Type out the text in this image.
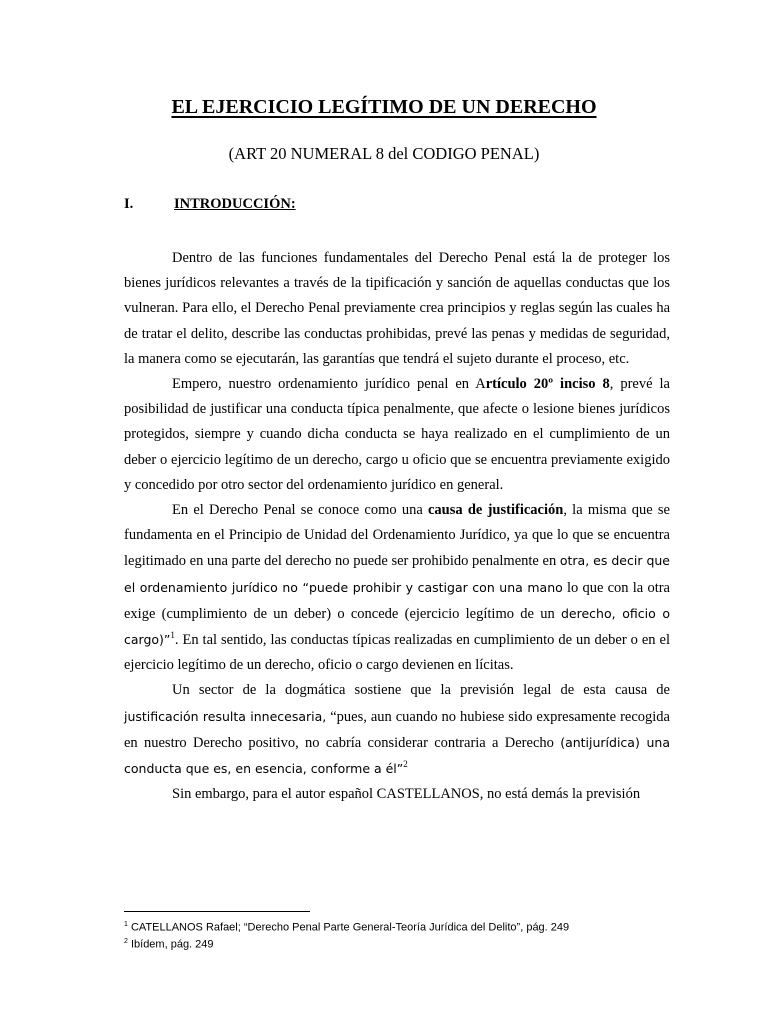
EL EJERCICIO LEGÍTIMO DE UN DERECHO
(ART 20 NUMERAL 8 del CODIGO PENAL)
I.	INTRODUCCIÓN:

Dentro de las funciones fundamentales del Derecho Penal está la de proteger los bienes jurídicos relevantes a través de la tipificación y sanción de aquellas conductas que los vulneran. Para ello, el Derecho Penal previamente crea principios y reglas según las cuales ha de tratar el delito, describe las conductas prohibidas, prevé las penas y medidas de seguridad, la manera como se ejecutarán, las garantías que tendrá el sujeto durante el proceso, etc.

Empero, nuestro ordenamiento jurídico penal en Artículo 20º inciso 8, prevé la posibilidad de justificar una conducta típica penalmente, que afecte o lesione bienes jurídicos protegidos, siempre y cuando dicha conducta se haya realizado en el cumplimiento de un deber o ejercicio legítimo de un derecho, cargo u oficio que se encuentra previamente exigido y concedido por otro sector del ordenamiento jurídico en general.

En el Derecho Penal se conoce como una causa de justificación, la misma que se fundamenta en el Principio de Unidad del Ordenamiento Jurídico, ya que lo que se encuentra legitimado en una parte del derecho no puede ser prohibido penalmente en otra, es decir que el ordenamiento jurídico no “puede prohibir y castigar con una mano lo que con la otra exige (cumplimiento de un deber) o concede (ejercicio legítimo de un derecho, oficio o cargo)”$^1$. En tal sentido, las conductas típicas realizadas en cumplimiento de un deber o en el ejercicio legítimo de un derecho, oficio o cargo devienen en lícitas.

Un sector de la dogmática sostiene que la previsión legal de esta causa de justificación resulta innecesaria, “pues, aun cuando no hubiese sido expresamente recogida en nuestro Derecho positivo, no cabría considerar contraria a Derecho (antijurídica) una conducta que es, en esencia, conforme a él”$^2$

Sin embargo, para el autor español CASTELLANOS, no está demás la previsión

$^1$ CATELLANOS Rafael; “Derecho Penal Parte General-Teoría Jurídica del Delito”, pág. 249
$^2$ Ibídem, pág. 249
